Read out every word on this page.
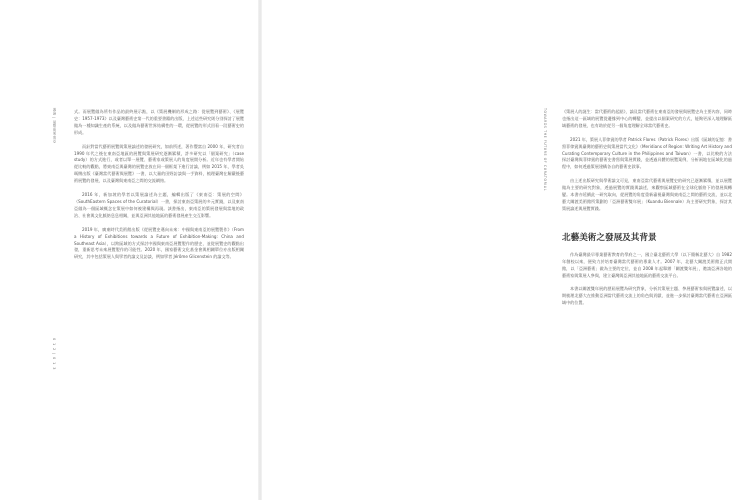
導論 | 展覽與東南亞
0 1 2 | 0 1 3

式。而展覽做為所有作品的最終展示點，以《策展機制的形成之路：從展覽到藝術》、《展覽史：1957-1973》以及臺灣藝術史第一代的重要書籍的出版，上述這些研究則分別探討了展覽做為一種知識生產的系統，以及做為藝術世界結構性的一環，從展覽的形式回看一段藝術史的形成。

而針對當代藝術展覽與策展論述的發展研究，如前所述，著作豐富自 2000 年，研究者自 1990 年代之後在東南亞地區的展覽與策展研究逐漸累積，許多研究以「個案研究」（case study）的方式進行，或者以單一展覽、藝術家或策展人的角度展開分析。近年也有學者開始從比較的觀點，將東南亞與臺灣的展覽史放在同一個框架下進行討論，例如 2015 年，學者吳瑪悧出版《臺灣當代藝術與展覽》一書，以大量的田野訪談與一手資料，梳理臺灣在解嚴後藝術展覽的發展，以及臺灣與東南亞之間的交流網絡。

2016 年，新加坡的學者以策展論述為主題，編輯出版了《東南亞：策展的空間》（SouthEastern Spaces of the Curatorial）一書，探討東南亞策展的多元實踐，以及東南亞做為一個區域概念在策展中如何被建構與再現。該書指出，東南亞的策展發展與當地的政治、社會與文化脈絡息息相關，並與亞洲其他地區的藝術發展產生交互影響。

2019 年，廣東時代美術館出版《從展覽史邁向未來：中國與東南亞的展覽製作》（From a History of Exhibitions towards a Future of Exhibition-Making: China and Southeast Asia），以跨區域的方式探討中國與東南亞展覽製作的歷史，並從展覽史的觀點出發，重新思考未來展覽製作的可能性。2020 年，國家藝術文化基金會與相關單位亦出版相關研究，其中包括策展人與學者的論文及訪談，例如學者 Jérôme Glicenstein 的論文等。

TOWARDS THE FUTURE OF CURATORIAL	《策展人的誕生：當代藝術的起點》，論及當代藝術在東南亞的發展與展覽史為主要內容，同時也指出這一區域的展覽從邊緣到中心的轉變，並提出以個案研究的方式，能夠更深入地理解區域藝術的發展，也有助於從另一個角度理解全球當代藝術史。

2021 年，策展人菲律賓的學者 Patrick Flores（Patrick Flores）出版《區域的記憶：書寫菲律賓與臺灣的藝術史與策展當代文化》（Meridians of Region: Writing Art History and Curating Contemporary Culture in the Philippines and Taiwan）一書，以比較的方法探討臺灣與菲律賓的藝術史書寫與策展實踐，並透過具體的展覽案例，分析兩地在區域化的過程中，如何透過策展建構各自的藝術史敘事。

由上述出版研究與學術論文可見，東南亞當代藝術與展覽史的研究已逐漸累積，並以展覽做為主要的研究對象，透過展覽的實踐與論述，來觀察區域藝術在全球化脈絡下的發展與轉變。本書亦延續此一研究取向，從展覽的角度重新審視臺灣與東南亞之間的藝術交流，並以北藝大關渡美術館所策劃的「亞洲藝術雙年展」（Kuandu Biennale）為主要研究對象，探討其策展論述與展覽實踐。

北藝美術之發展及其背景

作為臺灣最早專業藝術教育的學府之一，國立臺北藝術大學（以下簡稱北藝大）自 1982 年創校以來，便致力於培育臺灣當代藝術的專業人才。2007 年，北藝大關渡美術館正式開館，以「亞洲藝術」做為主要的定位，並自 2008 年起舉辦「關渡雙年展」，邀請亞洲各地的藝術家與策展人參與，建立臺灣與亞洲其他地區的藝術交流平台。

本書以關渡雙年展的歷屆展覽為研究對象，分析其策展主題、參展藝術家與展覽論述，以期梳理北藝大在推動亞洲當代藝術交流上的角色與貢獻，並進一步探討臺灣當代藝術在亞洲區域中的位置。
